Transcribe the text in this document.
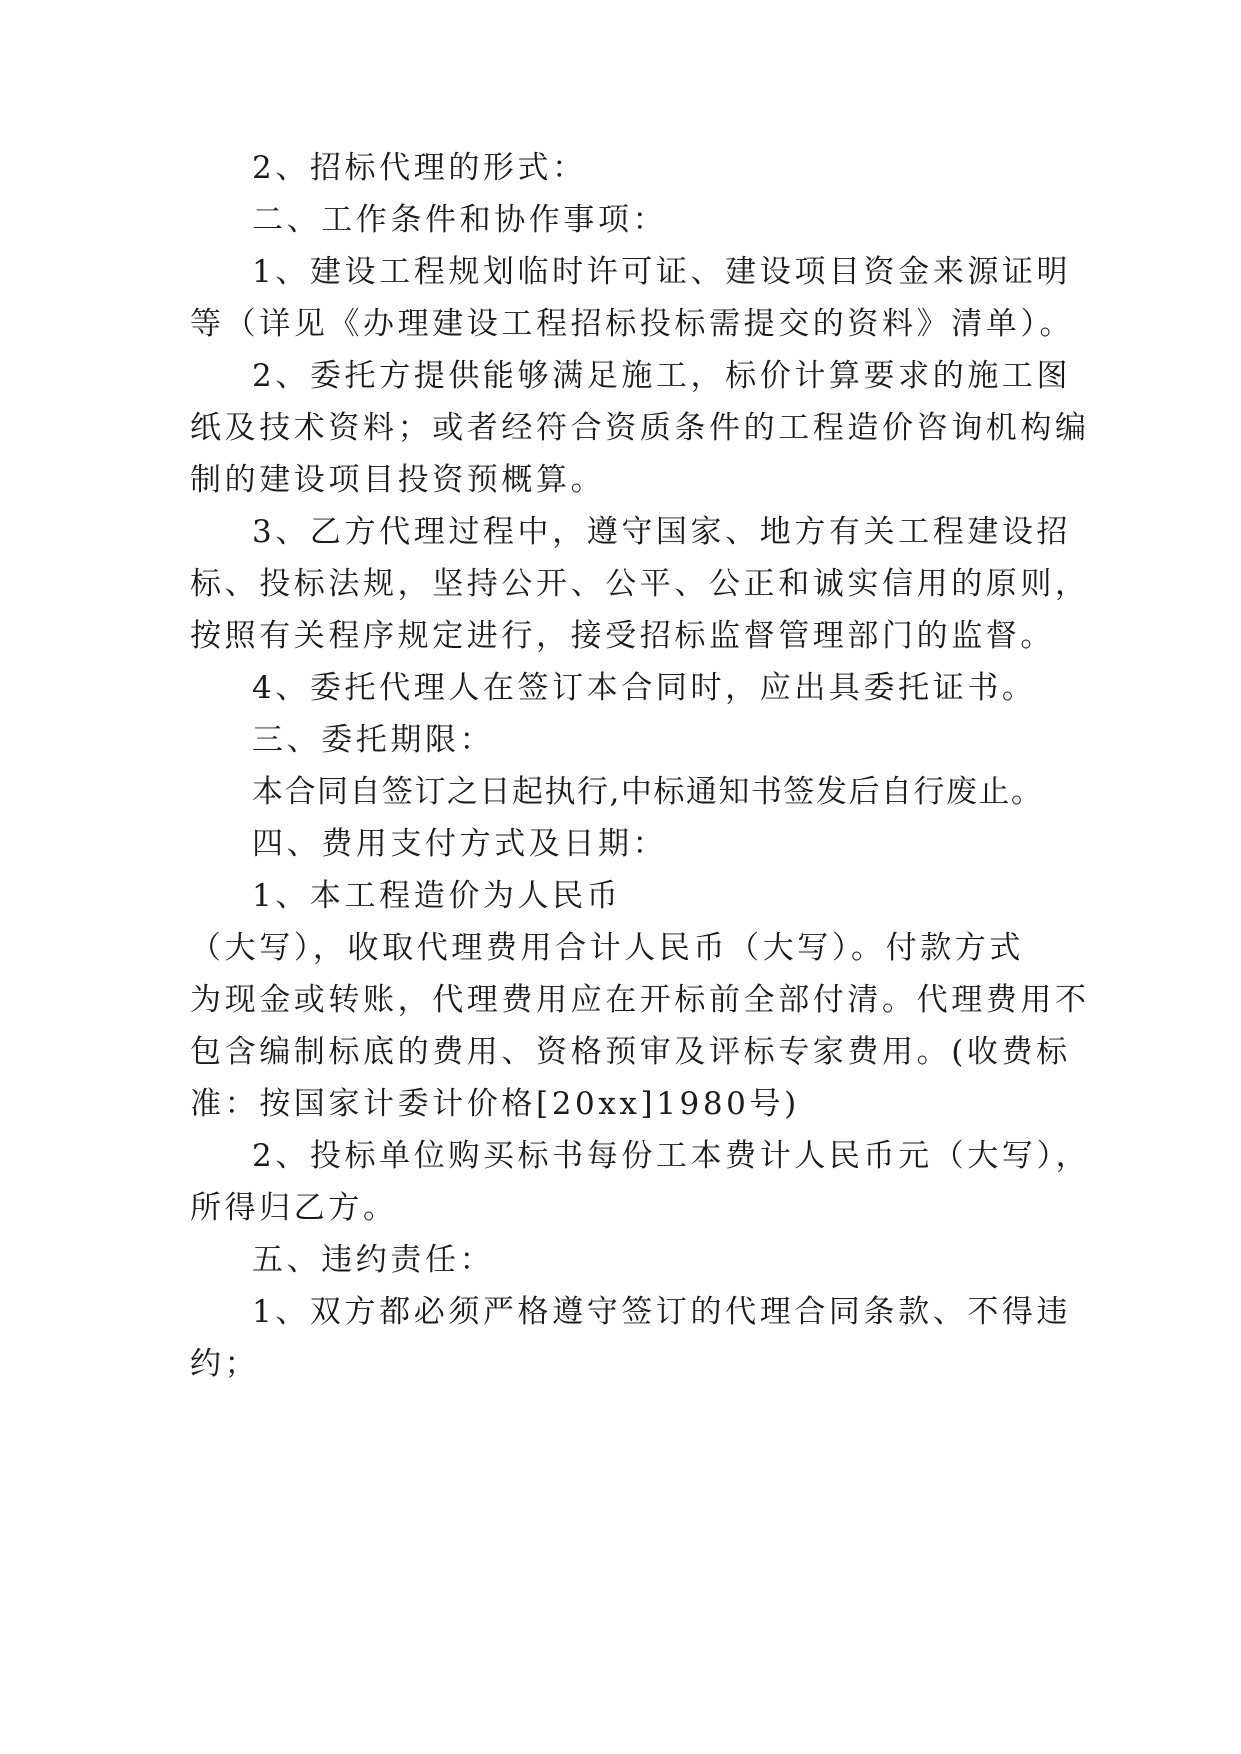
2、招标代理的形式：
二、工作条件和协作事项：
1、建设工程规划临时许可证、建设项目资金来源证明
等（详见《办理建设工程招标投标需提交的资料》清单）。
2、委托方提供能够满足施工，标价计算要求的施工图
纸及技术资料；或者经符合资质条件的工程造价咨询机构编
制的建设项目投资预概算。
3、乙方代理过程中，遵守国家、地方有关工程建设招
标、投标法规，坚持公开、公平、公正和诚实信用的原则，
按照有关程序规定进行，接受招标监督管理部门的监督。
4、委托代理人在签订本合同时，应出具委托证书。
三、委托期限：
本合同自签订之日起执行,中标通知书签发后自行废止。
四、费用支付方式及日期：
1、本工程造价为人民币
（大写），收取代理费用合计人民币（大写）。付款方式
为现金或转账，代理费用应在开标前全部付清。代理费用不
包含编制标底的费用、资格预审及评标专家费用。(收费标
准：按国家计委计价格[20xx]1980号)
2、投标单位购买标书每份工本费计人民币元（大写），
所得归乙方。
五、违约责任：
1、双方都必须严格遵守签订的代理合同条款、不得违
约；
